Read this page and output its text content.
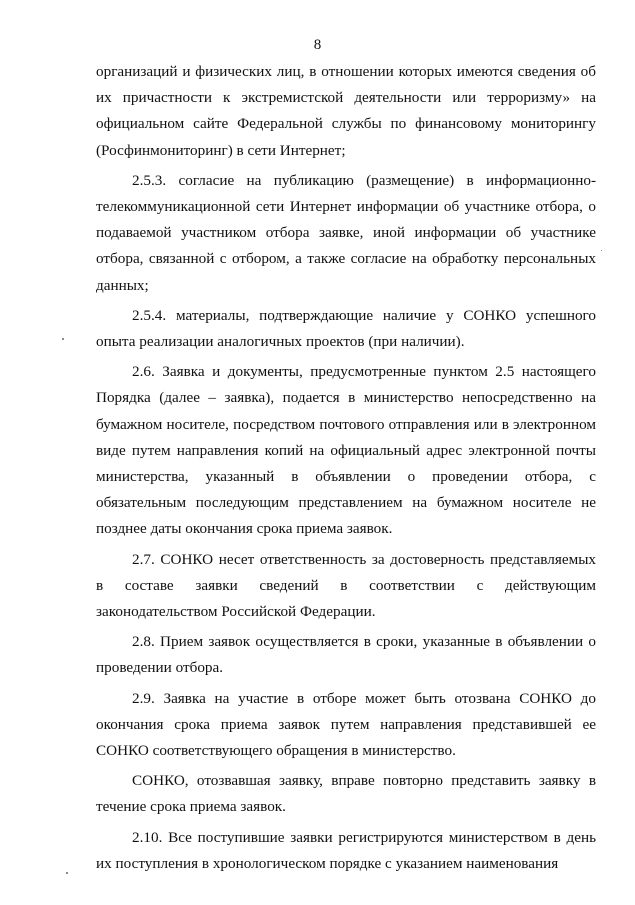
8

организаций и физических лиц, в отношении которых имеются сведения об их причастности к экстремистской деятельности или терроризму» на официальном сайте Федеральной службы по финансовому мониторингу (Росфинмониторинг) в сети Интернет;

2.5.3. согласие на публикацию (размещение) в информационно-телекоммуникационной сети Интернет информации об участнике отбора, о подаваемой участником отбора заявке, иной информации об участнике отбора, связанной с отбором, а также согласие на обработку персональных данных;

2.5.4. материалы, подтверждающие наличие у СОНКО успешного опыта реализации аналогичных проектов (при наличии).

2.6. Заявка и документы, предусмотренные пунктом 2.5 настоящего Порядка (далее – заявка), подается в министерство непосредственно на бумажном носителе, посредством почтового отправления или в электронном виде путем направления копий на официальный адрес электронной почты министерства, указанный в объявлении о проведении отбора, с обязательным последующим представлением на бумажном носителе не позднее даты окончания срока приема заявок.

2.7. СОНКО несет ответственность за достоверность представляемых в составе заявки сведений в соответствии с действующим законодательством Российской Федерации.

2.8. Прием заявок осуществляется в сроки, указанные в объявлении о проведении отбора.

2.9. Заявка на участие в отборе может быть отозвана СОНКО до окончания срока приема заявок путем направления представившей ее СОНКО соответствующего обращения в министерство.

СОНКО, отозвавшая заявку, вправе повторно представить заявку в течение срока приема заявок.

2.10. Все поступившие заявки регистрируются министерством в день их поступления в хронологическом порядке с указанием наименования
